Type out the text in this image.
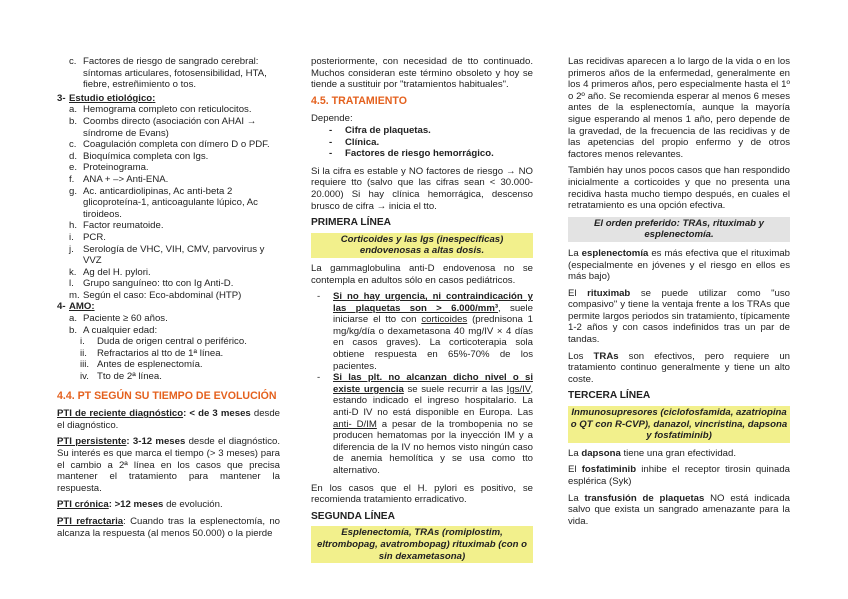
c. Factores de riesgo de sangrado cerebral: síntomas articulares, fotosensibilidad, HTA, fiebre, estreñimiento o tos.
3- Estudio etiológico:
a. Hemograma completo con reticulocitos.
b. Coombs directo (asociación con AHAI → síndrome de Evans)
c. Coagulación completa con dímero D o PDF.
d. Bioquímica completa con Igs.
e. Proteinograma.
f. ANA + –> Anti-ENA.
g. Ac. anticardiolipinas, Ac anti-beta 2 glicoproteína-1, anticoagulante lúpico, Ac tiroideos.
h. Factor reumatoide.
i. PCR.
j. Serología de VHC, VIH, CMV, parvovirus y VVZ
k. Ag del H. pylori.
l. Grupo sanguíneo: tto con Ig Anti-D.
m. Según el caso: Eco-abdominal (HTP)
4- AMO:
a. Paciente ≥ 60 años.
b. A cualquier edad:
i. Duda de origen central o periférico.
ii. Refractarios al tto de 1ª línea.
iii. Antes de esplenectomía.
iv. Tto de 2ª línea.
4.4. PT SEGÚN SU TIEMPO DE EVOLUCIÓN

PTI de reciente diagnóstico: < de 3 meses desde el diagnóstico.

PTI persistente: 3-12 meses desde el diagnóstico. Su interés es que marca el tiempo (> 3 meses) para el cambio a 2ª línea en los casos que precisa mantener el tratamiento para mantener la respuesta.

PTI crónica: >12 meses de evolución.

PTI refractaria: Cuando tras la esplenectomía, no alcanza la respuesta (al menos 50.000) o la pierde

posteriormente, con necesidad de tto continuado. Muchos consideran este término obsoleto y hoy se tiende a sustituir por "tratamientos habituales".

4.5. TRATAMIENTO
Depende:
- Cifra de plaquetas.
- Clínica.
- Factores de riesgo hemorrágico.

Si la cifra es estable y NO factores de riesgo → NO requiere tto (salvo que las cifras sean < 30.000-20.000) Si hay clínica hemorrágica, descenso brusco de cifra → inicia el tto.

PRIMERA LÍNEA
Corticoides y las Igs (inespecíficas) endovenosas a altas dosis.

La gammaglobulina anti-D endovenosa no se contempla en adultos sólo en casos pediátricos.

- Si no hay urgencia, ni contraindicación y las plaquetas son > 6.000/mm³, suele iniciarse el tto con corticoides (prednisona 1 mg/kg/día o dexametasona 40 mg/IV × 4 días en casos graves). La corticoterapia sola obtiene respuesta en 65%-70% de los pacientes.
- Si las plt. no alcanzan dicho nivel o si existe urgencia se suele recurrir a las Igs/IV, estando indicado el ingreso hospitalario. La anti-D IV no está disponible en Europa. Las anti- D/IM a pesar de la trombopenia no se producen hematomas por la inyección IM y a diferencia de la IV no hemos visto ningún caso de anemia hemolítica y se usa como tto alternativo.

En los casos que el H. pylori es positivo, se recomienda tratamiento erradicativo.

SEGUNDA LÍNEA
Esplenectomía, TRAs (romiplostim, eltrombopag, avatrombopag) rituximab (con o sin dexametasona)

Las recidivas aparecen a lo largo de la vida o en los primeros años de la enfermedad, generalmente en los 4 primeros años, pero especialmente hasta el 1º o 2º año. Se recomienda esperar al menos 6 meses antes de la esplenectomía, aunque la mayoría sigue esperando al menos 1 año, pero depende de la gravedad, de la frecuencia de las recidivas y de las apetencias del propio enfermo y de otros factores menos relevantes.

También hay unos pocos casos que han respondido inicialmente a corticoides y que no presenta una recidiva hasta mucho tiempo después, en cuales el retratamiento es una opción efectiva.

El orden preferido: TRAs, rituximab y esplenectomía.

La esplenectomía es más efectiva que el rituximab (especialmente en jóvenes y el riesgo en ellos es más bajo)

El rituximab se puede utilizar como "uso compasivo" y tiene la ventaja frente a los TRAs que permite largos periodos sin tratamiento, típicamente 1-2 años y con casos indefinidos tras un par de tandas.

Los TRAs son efectivos, pero requiere un tratamiento continuo generalmente y tiene un alto coste.

TERCERA LÍNEA
Inmunosupresores (ciclofosfamida, azatriopina o QT con R-CVP), danazol, vincristina, dapsona y fosfatiminib)

La dapsona tiene una gran efectividad.

El fosfatiminib inhibe el receptor tirosin quinada esplérica (Syk)

La transfusión de plaquetas NO está indicada salvo que exista un sangrado amenazante para la vida.
